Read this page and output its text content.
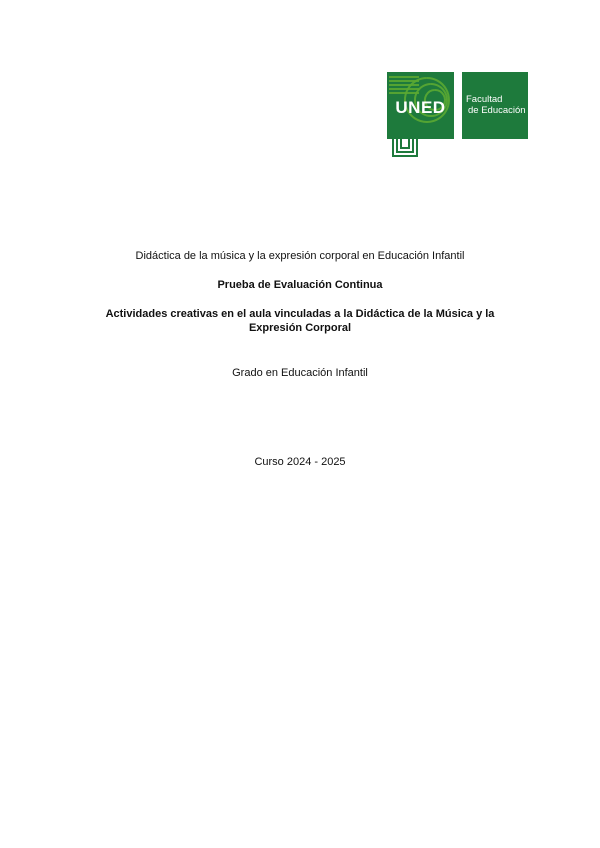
UNED Facultad
de Educación
Didáctica de la música y la expresión corporal en Educación Infantil
Prueba de Evaluación Continua
Actividades creativas en el aula vinculadas a la Didáctica de la Música y la
Expresión Corporal
Grado en Educación Infantil
Curso 2024 - 2025
